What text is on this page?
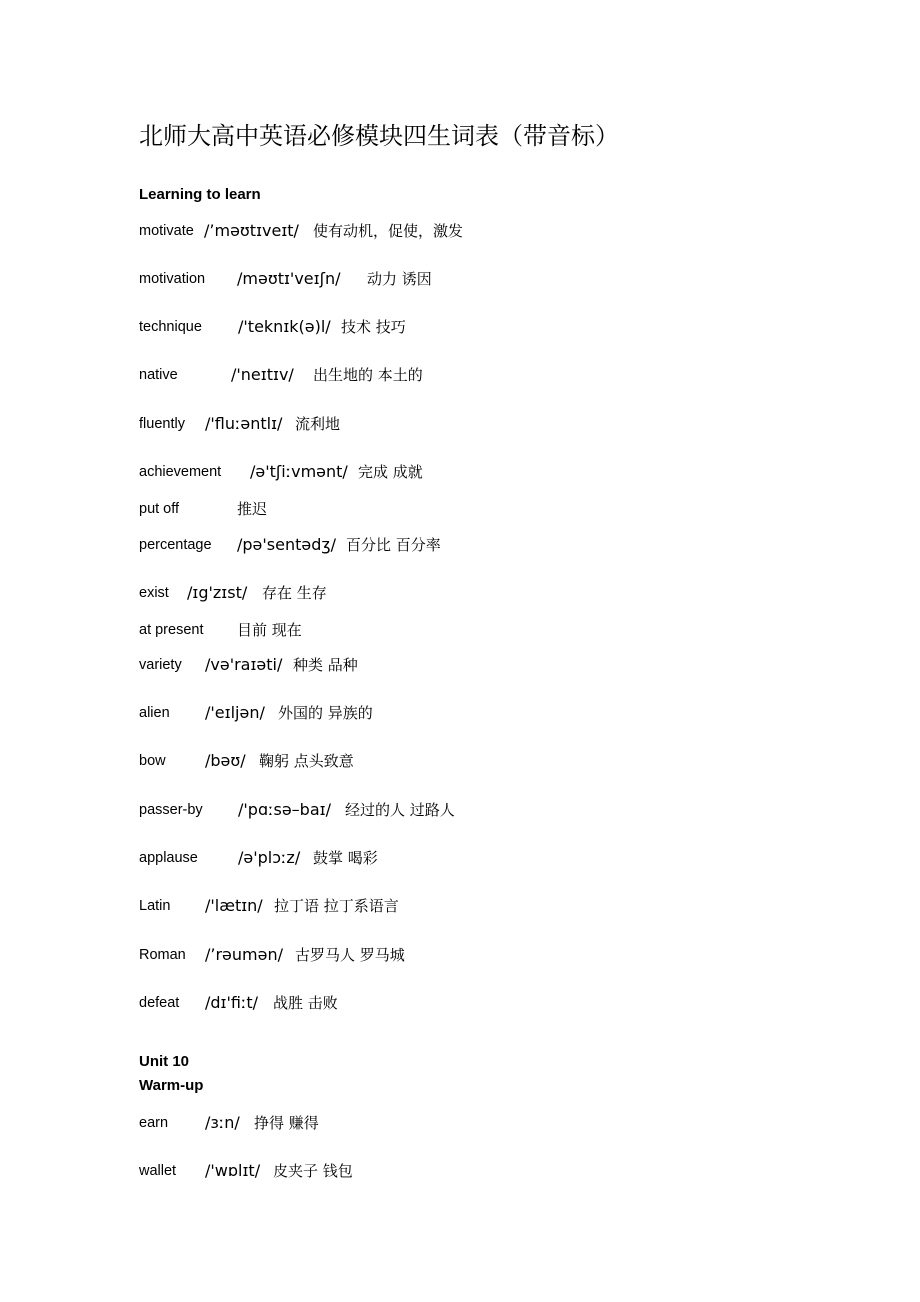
北师大高中英语必修模块四生词表（带音标）
Learning to learn
motivate /’məʊtɪveɪt/ 使有动机，促使，激发
motivation /məʊtɪ'veɪʃn/ 动力 诱因
technique /'teknɪk(ə)l/ 技术 技巧
native	/'neɪtɪv/ 出生地的 本土的
fluently /'fluːəntlɪ/ 流利地
achievement /ə'tʃiːvmənt/ 完成 成就
put off	推迟
percentage /pə'sentədʒ/ 百分比 百分率
exist /ɪg'zɪst/ 存在 生存
at present 目前 现在
variety /və'raɪəti/ 种类 品种
alien /'eɪljən/ 外国的 异族的
bow /bəʊ/ 鞠躬 点头致意
passer-by /'pɑːsə–baɪ/ 经过的人 过路人
applause	/ə'plɔːz/ 鼓掌 喝彩
Latin /'lætɪn/ 拉丁语 拉丁系语言
Roman /’rəumən/ 古罗马人 罗马城
defeat /dɪ'fiːt/ 战胜 击败
Unit 10
Warm-up
earn /ɜːn/ 挣得 赚得
wallet /'wɒlɪt/ 皮夹子 钱包
